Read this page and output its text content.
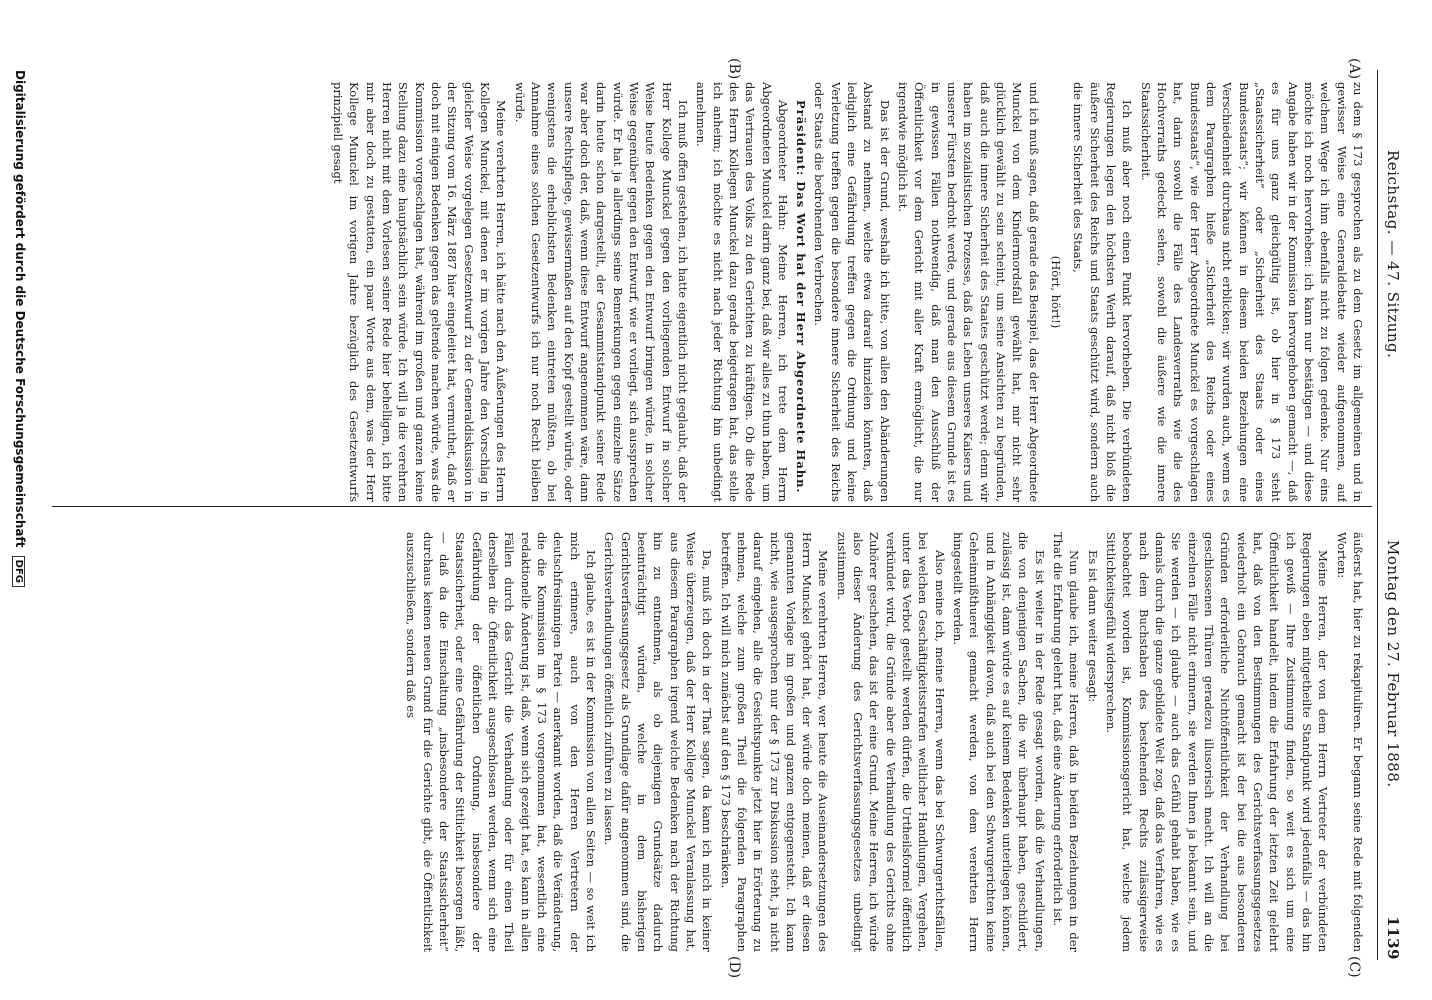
Reichstag. — 47. Sitzung.
Montag den 27. Februar 1888.
1139
(A)
(B)
(C)
(D)

zu dem § 173 gesprochen als zu dem Gesetz im allgemeinen und in gewisser Weise eine Generaldebatte wieder aufgenommen, auf welchem Wege ich ihm ebenfalls nicht zu folgen gedenke. Nur eins möchte ich noch hervorheben: ich kann nur bestätigen — und diese Angabe haben wir in der Kommission hervorgehoben gemacht —, daß es für uns ganz gleichgültig ist, ob hier in § 173 steht „Staatssicherheit“ oder „Sicherheit des Staats oder eines Bundesstaats“; wir können in diesem beiden Beziehungen eine Verschiedenheit durchaus nicht erblicken; wir wurden auch, wenn es dem Paragraphen hieße „Sicherheit des Reichs oder eines Bundesstaats“, wie der Herr Abgeordnete Munckel es vorgeschlagen hat, darin sowohl die Fälle des Landesverraths wie die des Hochverraths gedeckt sehen, sowohl die äußere wie die innere Staatssicherheit.

Ich muß aber noch einen Punkt hervorheben. Die verbündeten Regierungen legen den höchsten Werth darauf, daß nicht bloß die äußere Sicherheit des Reichs und Staats geschützt wird, sondern auch die innere Sicherheit des Staats,

(Hört, hört!)

und ich muß sagen, daß gerade das Beispiel, das der Herr Abgeordnete Munckel von dem Kindermordsfall gewählt hat, mir nicht sehr glücklich gewählt zu sein scheint, um seine Ansichten zu begründen, daß auch die innere Sicherheit des Staates geschützt werde; denn wir haben im sozialistischen Prozesse, daß das Leben unseres Kaisers und unserer Fürsten bedroht werde, und gerade aus diesem Grunde ist es in gewissen Fällen nothwendig, daß man den Ausschluß der Öffentlichkeit vor dem Gericht mit aller Kraft ermöglicht, die nur irgendwie möglich ist.

Das ist der Grund, weshalb ich bitte, von allen den Abänderungen Abstand zu nehmen, welche etwa darauf hinzielen könnten, daß lediglich eine Gefährdung treffen gegen die Ordnung und keine Verletzung treffen gegen die besondere innere Sicherheit des Reichs oder Staats die bedrohenden Verbrechen.

Präsident: Das Wort hat der Herr Abgeordnete Hahn.

Abgeordneter Hahn: Meine Herren, ich trete dem Herrn Abgeordneten Munckel darin ganz bei, daß wir alles zu thun haben, um das Vertrauen des Volks zu den Gerichten zu kräftigen. Ob die Rede des Herrn Kollegen Munckel dazu gerade beigetragen hat, das stelle ich anheim; ich möchte es nicht nach jeder Richtung hin unbedingt annehmen.

Ich muß offen gestehen, ich hatte eigentlich nicht geglaubt, daß der Herr Kollege Munckel gegen den vorliegenden Entwurf in solcher Weise heute Bedenken gegen den Entwurf bringen würde, in solcher Weise gegenüber gegen den Entwurf, wie er vorliegt, sich aussprechen würde. Er hat ja allerdings seine Bemerkungen gegen einzelne Sätze darin heute schon dargestellt, der Gesammtstandpunkt seiner Rede war aber doch der, daß, wenn diese Entwurf angenommen wäre, dann unsere Rechtspflege, gewissermaßen auf den Kopf gestellt würde, oder wenigstens die erheblichsten Bedenken eintreten müßten, ob bei Annahme eines solchen Gesetzentwurfs ich nur noch Recht bleiben würde.

Meine verehrten Herren, ich hätte nach den Äußerungen des Herrn Kollegen Munckel, mit denen er im vorigen Jahre den Vorschlag in gleicher Weise vorgelegen Gesetzentwurf zu der Generaldiskussion in der Sitzung vom 16. März 1887 hier eingeleitet hat, vermuthet, daß er doch mit einigen Bedenken gegen das geltende machen würde, was die Kommission vorgeschlagen hat, während im großen und ganzen keine Stellung dazu eine hauptsächlich sein würde. Ich will ja die verehrten Herren nicht mit dem Vorlesen seiner Rede hier behelligen, ich bitte mir aber doch zu gestatten, ein paar Worte aus dem, was der Herr Kollege Munckel im vorigen Jahre bezüglich des Gesetzentwurfs prinzipiell gesagt

äußerst hat, hier zu rekapituliren. Er begann seine Rede mit folgenden Worten:

Meine Herren, der von dem Herrn Vertreter der verbündeten Regierungen eben mitgetheilte Standpunkt wird jedenfalls — das hin ich gewiß — Ihre Zustimmung finden, so weit es sich um eine Öffentlichkeit handelt, indem die Erfahrung der letzten Zeit gelehrt hat, daß von den Bestimmungen des Gerichtsverfassungsgesetzes wiederholt ein Gebrauch gemacht ist der bei die aus besonderen Gründen erforderliche Nichtöffentlichkeit der Verhandlung bei geschlossenen Thüren geradezu illusorisch macht. Ich will an die einzelnen Fälle nicht erinnern, sie werden Ihnen ja bekannt sein, und Sie werden — ich glaube — auch das Gefühl gehabt haben, wie es damals durch die ganze gebildete Welt zog, daß das Verfahren, wie es nach dem Buchstaben des bestehenden Rechts zulässigerweise beobachtet worden ist, Kommissionsgericht hat, welche jedem Sittlichkeitsgefühl widersprechen.

Es ist dann weiter gesagt:

Nun glaube ich, meine Herren, daß in beiden Beziehungen in der That die Erfahrung gelehrt hat, daß eine Änderung erforderlich ist.

Es ist weiter in der Rede gesagt worden, daß die Verhandlungen, die von denjenigen Sachen, die wir überhaupt haben, geschildert, zulässig ist, dann würde es auf keinem Bedenken unterliegen können, und in Anhängigkeit davon, daß auch bei den Schwurgerichten keine Geheimnißthuerei gemacht werden, von dem verehrten Herrn hingestellt werden.

Also meine ich, meine Herren, wenn das bei Schwurgerichtsfällen, bei welchen Geschäftigkeitsstrafen weltlicher Handlungen, Vergehen, unter das Verbot gestellt werden dürfen, die Urtheilsformel öffentlich verkündet wird, die Gründe aber die Verhandlung des Gerichts ohne Zuhörer geschehen, das ist der eine Grund. Meine Herren, ich würde also dieser Änderung des Gerichtsverfassungsgesetzes unbedingt zustimmen.

Meine verehrten Herren, wer heute die Auseinandersetzungen des Herrn Munckel gehört hat, der würde doch meinen, daß er diesen genannten Vorlage im großen und ganzen entgegensteht. Ich kann nicht, wie ausgesprochen nur der § 173 zur Diskussion steht, ja nicht darauf eingehen, alle die Gesichtspunkte jetzt hier in Erörterung zu nehmen, welche zum großen Theil die folgenden Paragraphen betreffen. Ich will mich zunächst auf den § 173 beschränken.

Da, muß ich doch in der That sagen, da kann ich mich in keiner Weise überzeugen, daß der Herr Kollege Munckel Veranlassung hat, aus diesem Paragraphen irgend welche Bedenken nach der Richtung hin zu entnehmen, als ob diejenigen Grundsätze dadurch beeinträchtigt würden, welche in dem bisherigen Gerichtsverfassungsgesetz als Grundlage dafür angenommen sind, die Gerichtsverhandlungen öffentlich zuführen zu lassen.

Ich glaube, es ist in der Kommission von allen Seiten — so weit ich mich erinnere, auch von den Herren Vertretern der deutschfreisinnigen Partei — anerkannt worden, daß die Veränderung, die die Kommission im § 173 vorgenommen hat, wesentlich eine redaktionelle Änderung ist, daß, wenn sich gezeigt hat, es kann in allen Fällen durch das Gericht die Verhandlung oder für einen Theil derselben die Öffentlichkeit ausgeschlossen werden, wenn sich eine Gefährdung der öffentlichen Ordnung, insbesondere der Staatssicherheit, oder eine Gefährdung der Sittlichkeit besorgen läßt, — daß da die Einschaltung „insbesondere der Staatssicherheit“ durchaus keinen neuen Grund für die Gerichte gibt, die Öffentlichkeit auszuschließen, sondern daß es

Digitalisierung gefördert durch die Deutsche Forschungsgemeinschaft DFG
